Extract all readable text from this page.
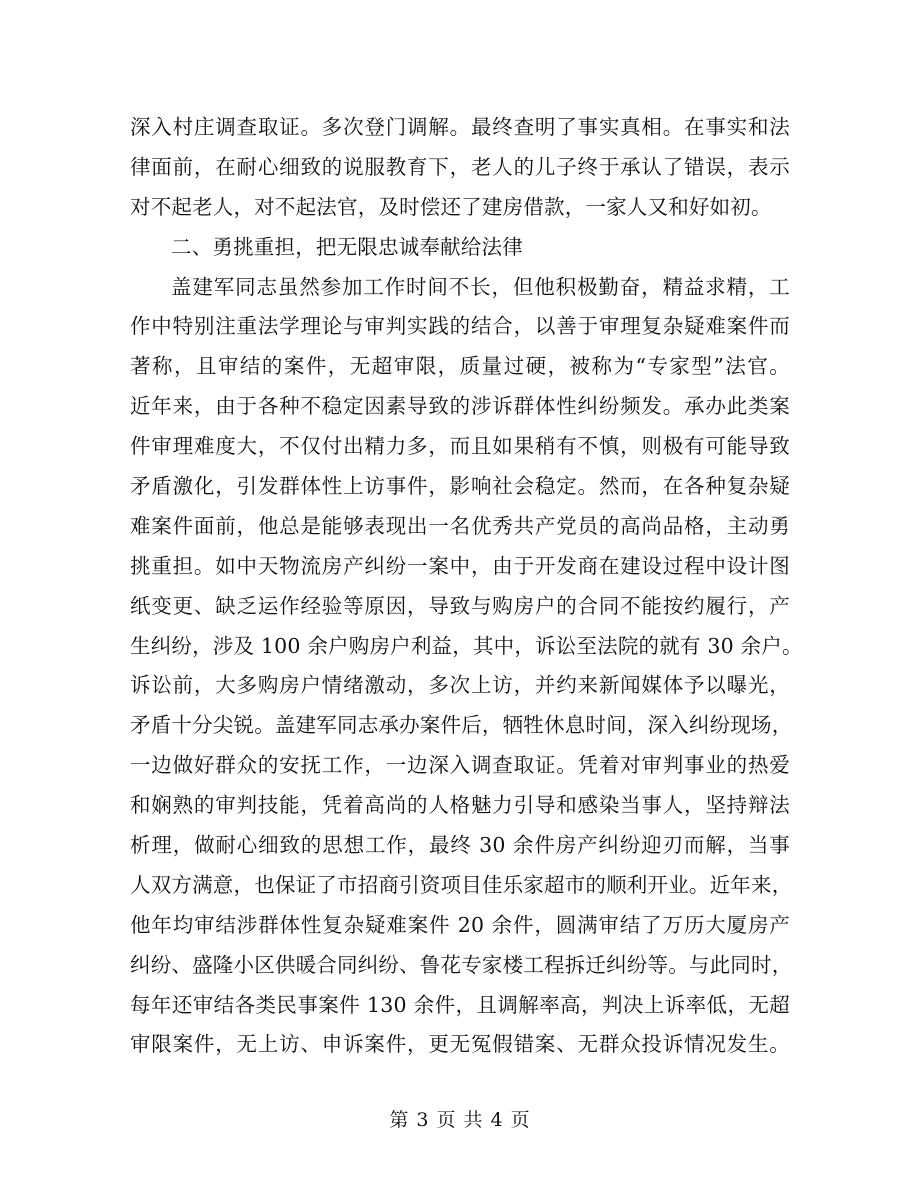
深入村庄调查取证。多次登门调解。最终查明了事实真相。在事实和法
律面前，在耐心细致的说服教育下，老人的儿子终于承认了错误，表示
对不起老人，对不起法官，及时偿还了建房借款，一家人又和好如初。
二、勇挑重担，把无限忠诚奉献给法律
盖建军同志虽然参加工作时间不长，但他积极勤奋，精益求精，工
作中特别注重法学理论与审判实践的结合，以善于审理复杂疑难案件而
著称，且审结的案件，无超审限，质量过硬，被称为“专家型”法官。
近年来，由于各种不稳定因素导致的涉诉群体性纠纷频发。承办此类案
件审理难度大，不仅付出精力多，而且如果稍有不慎，则极有可能导致
矛盾激化，引发群体性上访事件，影响社会稳定。然而，在各种复杂疑
难案件面前，他总是能够表现出一名优秀共产党员的高尚品格，主动勇
挑重担。如中天物流房产纠纷一案中，由于开发商在建设过程中设计图
纸变更、缺乏运作经验等原因，导致与购房户的合同不能按约履行，产
生纠纷，涉及 100 余户购房户利益，其中，诉讼至法院的就有 30 余户。
诉讼前，大多购房户情绪激动，多次上访，并约来新闻媒体予以曝光，
矛盾十分尖锐。盖建军同志承办案件后，牺牲休息时间，深入纠纷现场，
一边做好群众的安抚工作，一边深入调查取证。凭着对审判事业的热爱
和娴熟的审判技能，凭着高尚的人格魅力引导和感染当事人，坚持辩法
析理，做耐心细致的思想工作，最终 30 余件房产纠纷迎刃而解，当事
人双方满意，也保证了市招商引资项目佳乐家超市的顺利开业。近年来，
他年均审结涉群体性复杂疑难案件 20 余件，圆满审结了万历大厦房产
纠纷、盛隆小区供暖合同纠纷、鲁花专家楼工程拆迁纠纷等。与此同时，
每年还审结各类民事案件 130 余件，且调解率高，判决上诉率低，无超
审限案件，无上访、申诉案件，更无冤假错案、无群众投诉情况发生。
第 3 页 共 4 页
